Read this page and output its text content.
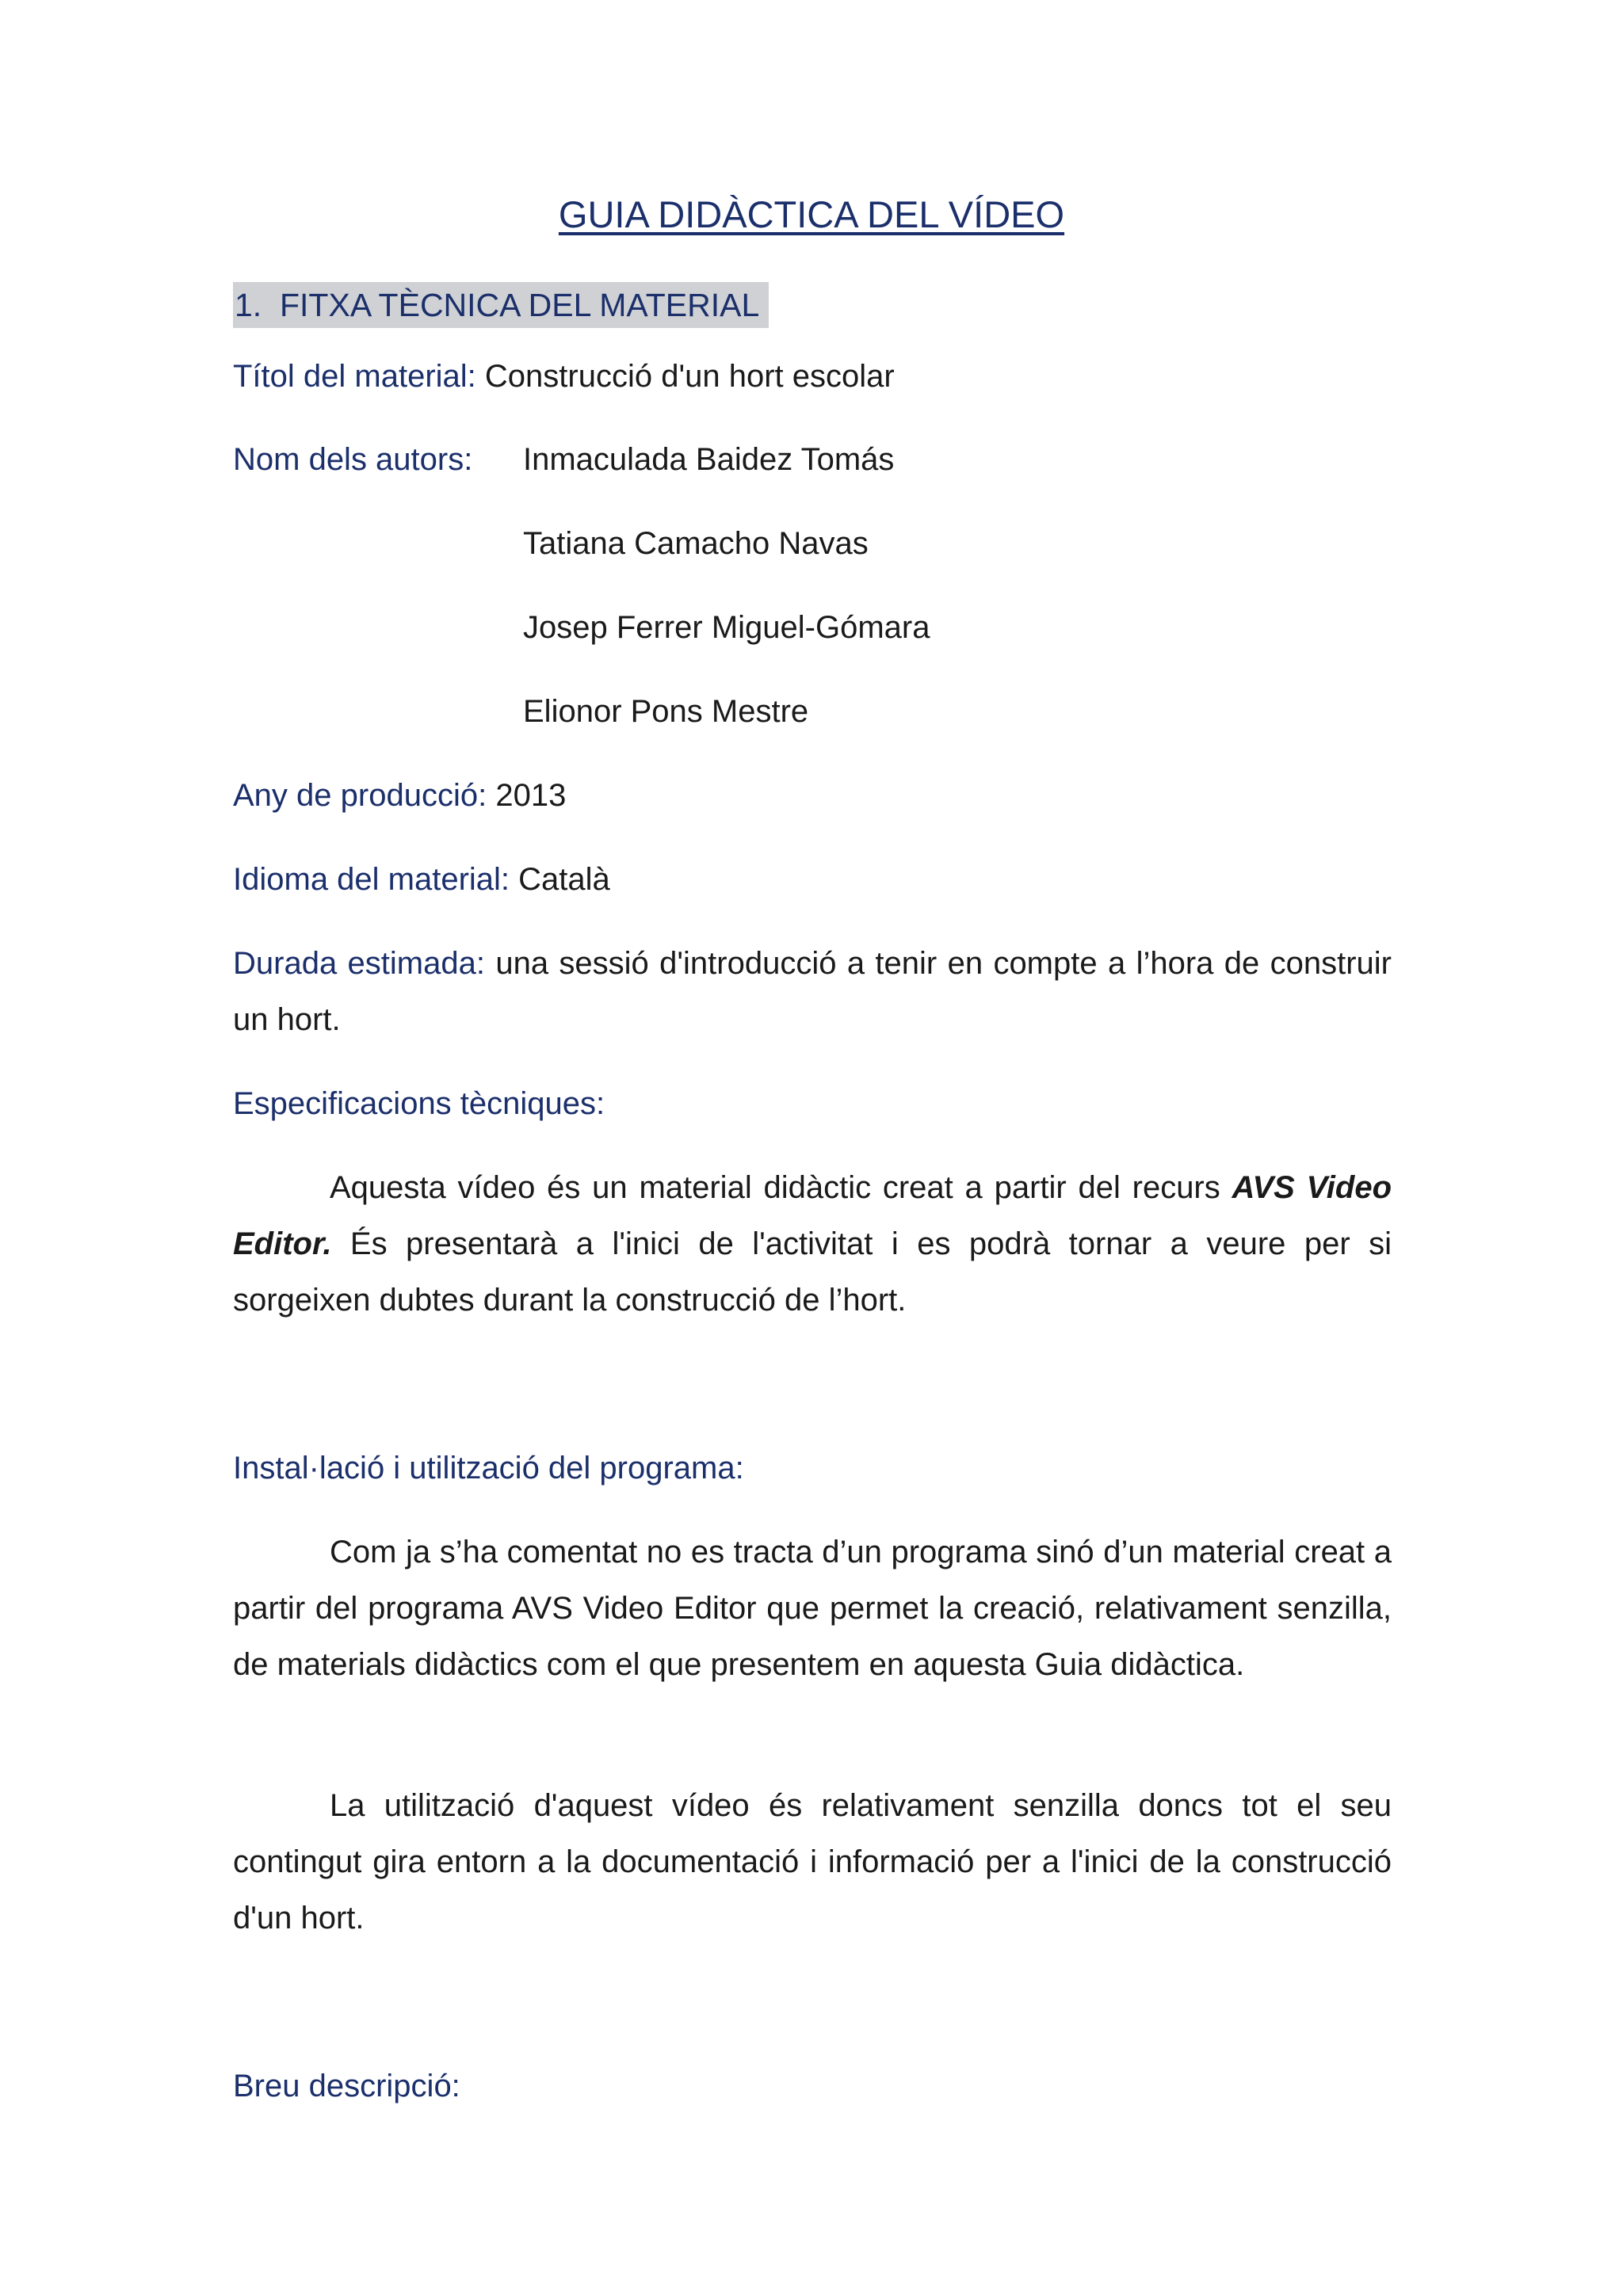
GUIA DIDÀCTICA DEL VÍDEO
1. FITXA TÈCNICA DEL MATERIAL
Títol del material: Construcció d'un hort escolar
Nom dels autors:	Inmaculada Baidez Tomás
Tatiana Camacho Navas
Josep Ferrer Miguel-Gómara
Elionor Pons Mestre
Any de producció: 2013
Idioma del material: Català
Durada estimada: una sessió d'introducció a tenir en compte a l’hora de construir un hort.
Especificacions tècniques:
Aquesta vídeo és un material didàctic creat a partir del recurs AVS Video Editor. És presentarà a l'inici de l'activitat i es podrà tornar a veure per si sorgeixen dubtes durant la construcció de l’hort.
Instal·lació i utilització del programa:
Com ja s’ha comentat no es tracta d’un programa sinó d’un material creat a partir del programa AVS Video Editor que permet la creació, relativament senzilla, de materials didàctics com el que presentem en aquesta Guia didàctica.
La utilització d'aquest vídeo és relativament senzilla doncs tot el seu contingut gira entorn a la documentació i informació per a l'inici de la construcció d'un hort.
Breu descripció:
